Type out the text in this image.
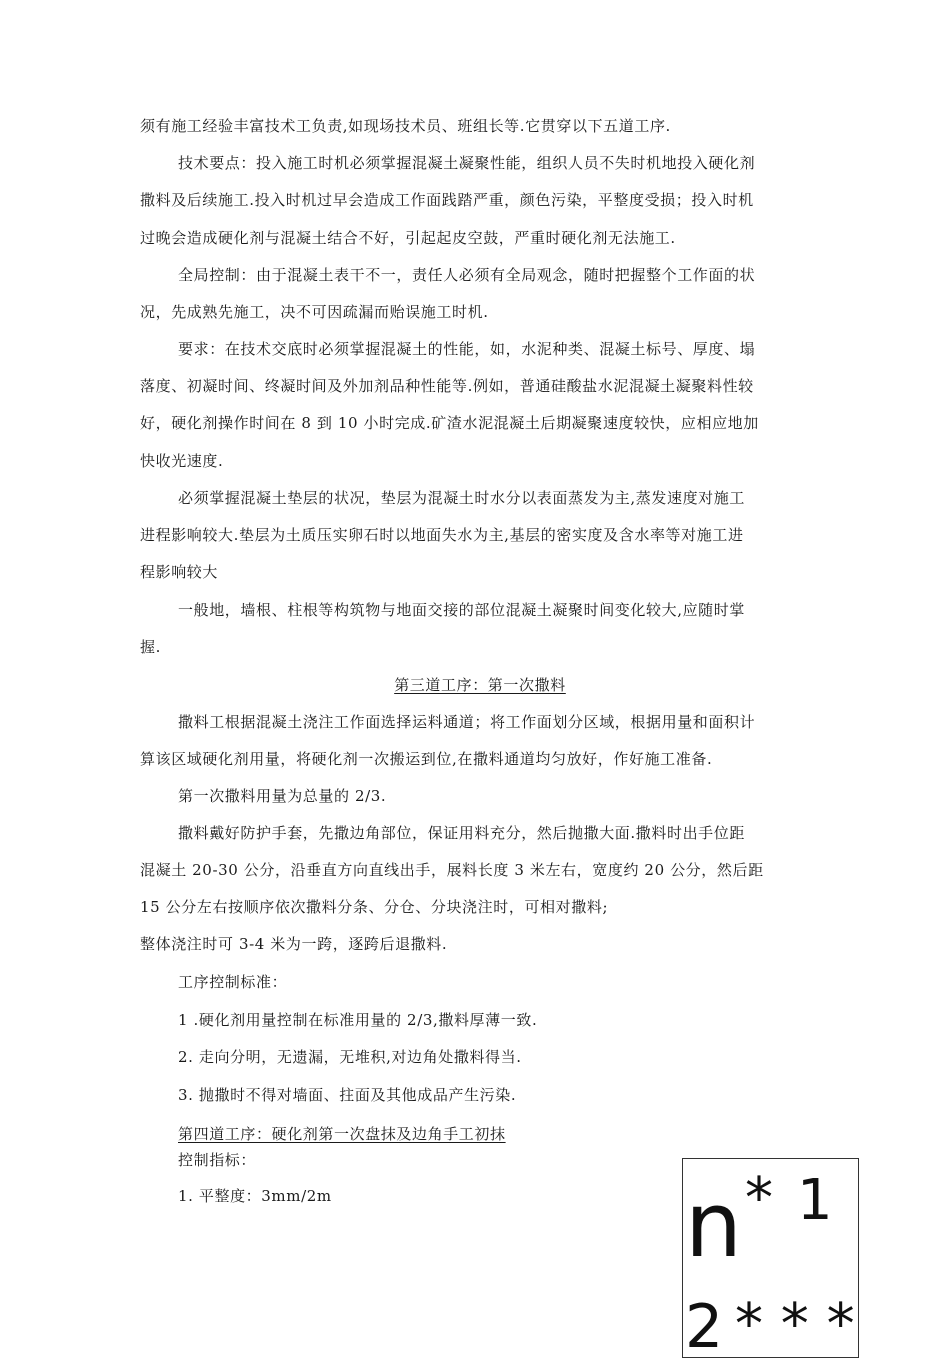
须有施工经验丰富技术工负责,如现场技术员、班组长等.它贯穿以下五道工序.
技术要点：投入施工时机必须掌握混凝土凝聚性能，组织人员不失时机地投入硬化剂
撒料及后续施工.投入时机过早会造成工作面践踏严重，颜色污染，平整度受损；投入时机
过晚会造成硬化剂与混凝土结合不好，引起起皮空鼓，严重时硬化剂无法施工.
全局控制：由于混凝土表干不一，责任人必须有全局观念，随时把握整个工作面的状
况，先成熟先施工，决不可因疏漏而贻误施工时机.
要求：在技术交底时必须掌握混凝土的性能，如，水泥种类、混凝土标号、厚度、塌
落度、初凝时间、终凝时间及外加剂品种性能等.例如，普通硅酸盐水泥混凝土凝聚料性较
好，硬化剂操作时间在 8 到 10 小时完成.矿渣水泥混凝土后期凝聚速度较快，应相应地加
快收光速度.
必须掌握混凝土垫层的状况，垫层为混凝土时水分以表面蒸发为主,蒸发速度对施工
进程影响较大.垫层为土质压实卵石时以地面失水为主,基层的密实度及含水率等对施工进
程影响较大
一般地，墙根、柱根等构筑物与地面交接的部位混凝土凝聚时间变化较大,应随时掌
握.
第三道工序：第一次撒料
撒料工根据混凝土浇注工作面选择运料通道；将工作面划分区域，根据用量和面积计
算该区域硬化剂用量，将硬化剂一次搬运到位,在撒料通道均匀放好，作好施工准备.
第一次撒料用量为总量的 2/3.
撒料戴好防护手套，先撒边角部位，保证用料充分，然后抛撒大面.撒料时出手位距
混凝土 20-30 公分，沿垂直方向直线出手，展料长度 3 米左右，宽度约 20 公分，然后距
15 公分左右按顺序依次撒料分条、分仓、分块浇注时，可相对撒料;
整体浇注时可 3-4 米为一跨，逐跨后退撒料.
工序控制标准：
1 .硬化剂用量控制在标准用量的 2/3,撒料厚薄一致.
2. 走向分明，无遗漏，无堆积,对边角处撒料得当.
3. 抛撒时不得对墙面、拄面及其他成品产生污染.
第四道工序：硬化剂第一次盘抹及边角手工初抹
控制指标：
1. 平整度：3mm/2m	n * 1
2 * * *
